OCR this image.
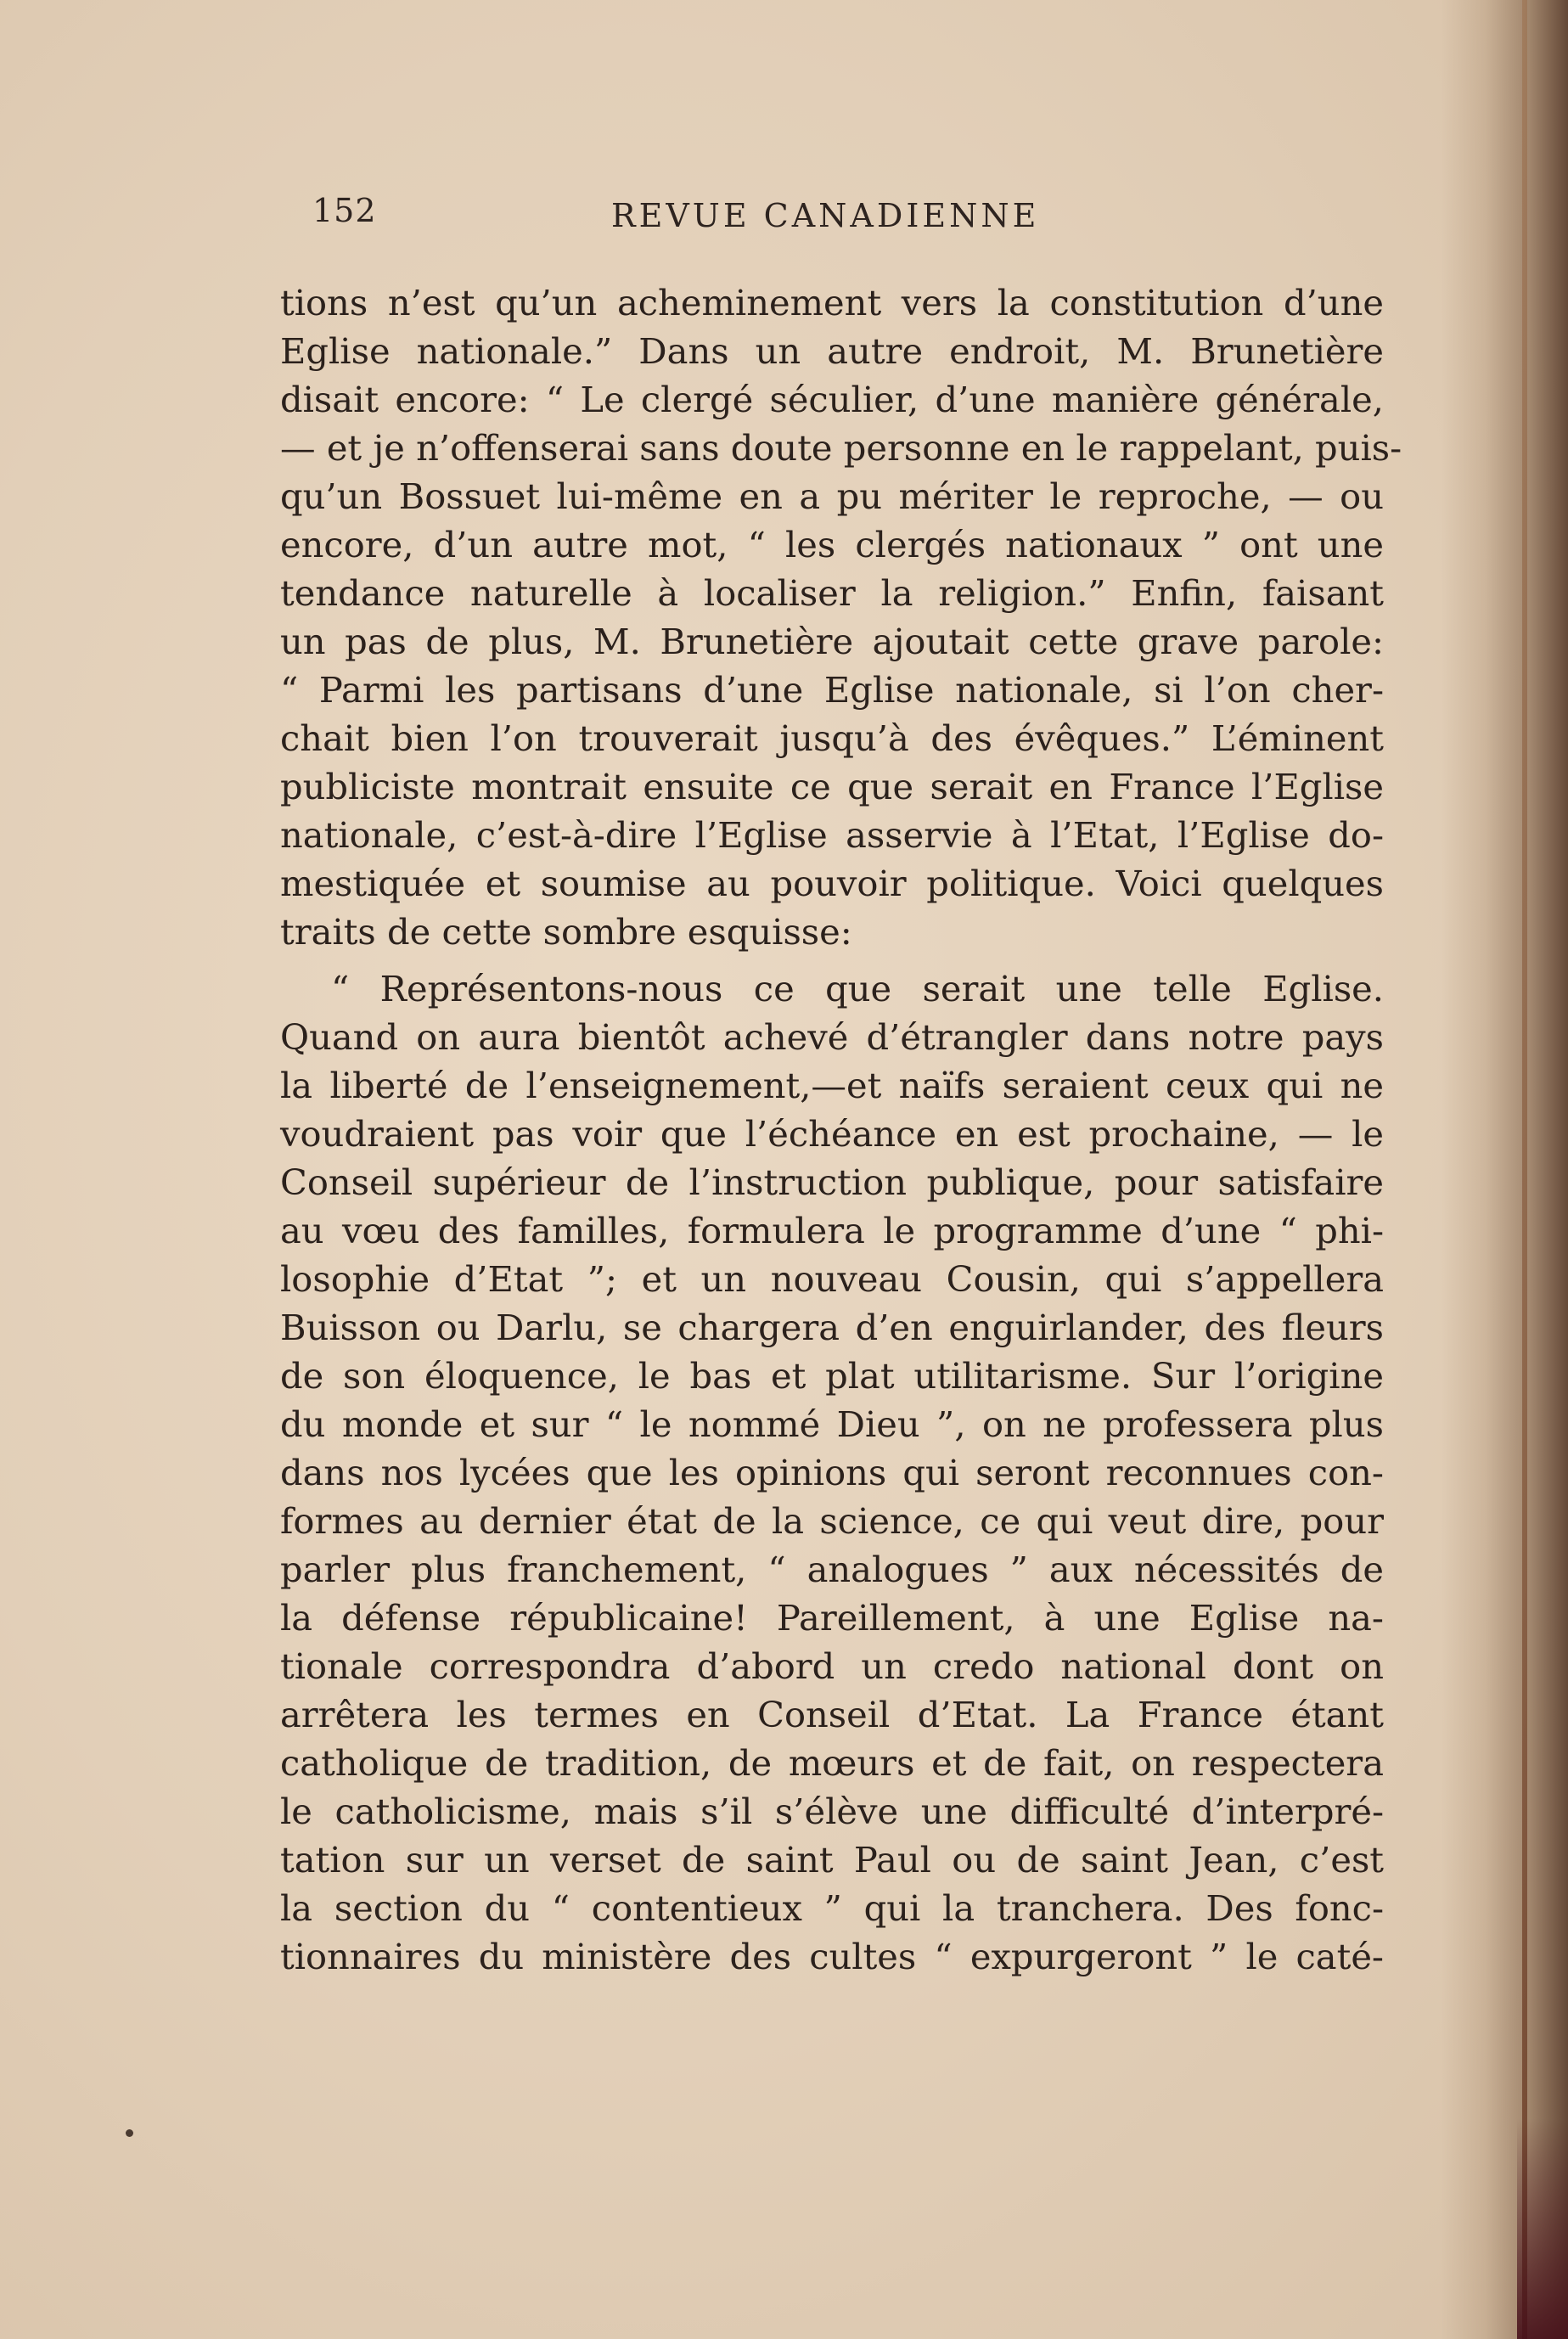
152	REVUE CANADIENNE
tions n’est qu’un acheminement vers la constitution d’une
Eglise nationale.” Dans un autre endroit, M. Brunetière
disait encore: “ Le clergé séculier, d’une manière générale,
— et je n’offenserai sans doute personne en le rappelant, puis-
qu’un Bossuet lui-même en a pu mériter le reproche, — ou
encore, d’un autre mot, “ les clergés nationaux ” ont une
tendance naturelle à localiser la religion.” Enfin, faisant
un pas de plus, M. Brunetière ajoutait cette grave parole:
“ Parmi les partisans d’une Eglise nationale, si l’on cher-
chait bien l’on trouverait jusqu’à des évêques.” L’éminent
publiciste montrait ensuite ce que serait en France l’Eglise
nationale, c’est-à-dire l’Eglise asservie à l’Etat, l’Eglise do-
mestiquée et soumise au pouvoir politique. Voici quelques
traits de cette sombre esquisse:
“ Représentons-nous ce que serait une telle Eglise.
Quand on aura bientôt achevé d’étrangler dans notre pays
la liberté de l’enseignement,—et naïfs seraient ceux qui ne
voudraient pas voir que l’échéance en est prochaine, — le
Conseil supérieur de l’instruction publique, pour satisfaire
au vœu des familles, formulera le programme d’une “ phi-
losophie d’Etat ”; et un nouveau Cousin, qui s’appellera
Buisson ou Darlu, se chargera d’en enguirlander, des fleurs
de son éloquence, le bas et plat utilitarisme. Sur l’origine
du monde et sur “ le nommé Dieu ”, on ne professera plus
dans nos lycées que les opinions qui seront reconnues con-
formes au dernier état de la science, ce qui veut dire, pour
parler plus franchement, “ analogues ” aux nécessités de
la défense républicaine! Pareillement, à une Eglise na-
tionale correspondra d’abord un credo national dont on
arrêtera les termes en Conseil d’Etat. La France étant
catholique de tradition, de mœurs et de fait, on respectera
le catholicisme, mais s’il s’élève une difficulté d’interpré-
tation sur un verset de saint Paul ou de saint Jean, c’est
la section du “ contentieux ” qui la tranchera. Des fonc-
tionnaires du ministère des cultes “ expurgeront ” le caté-
